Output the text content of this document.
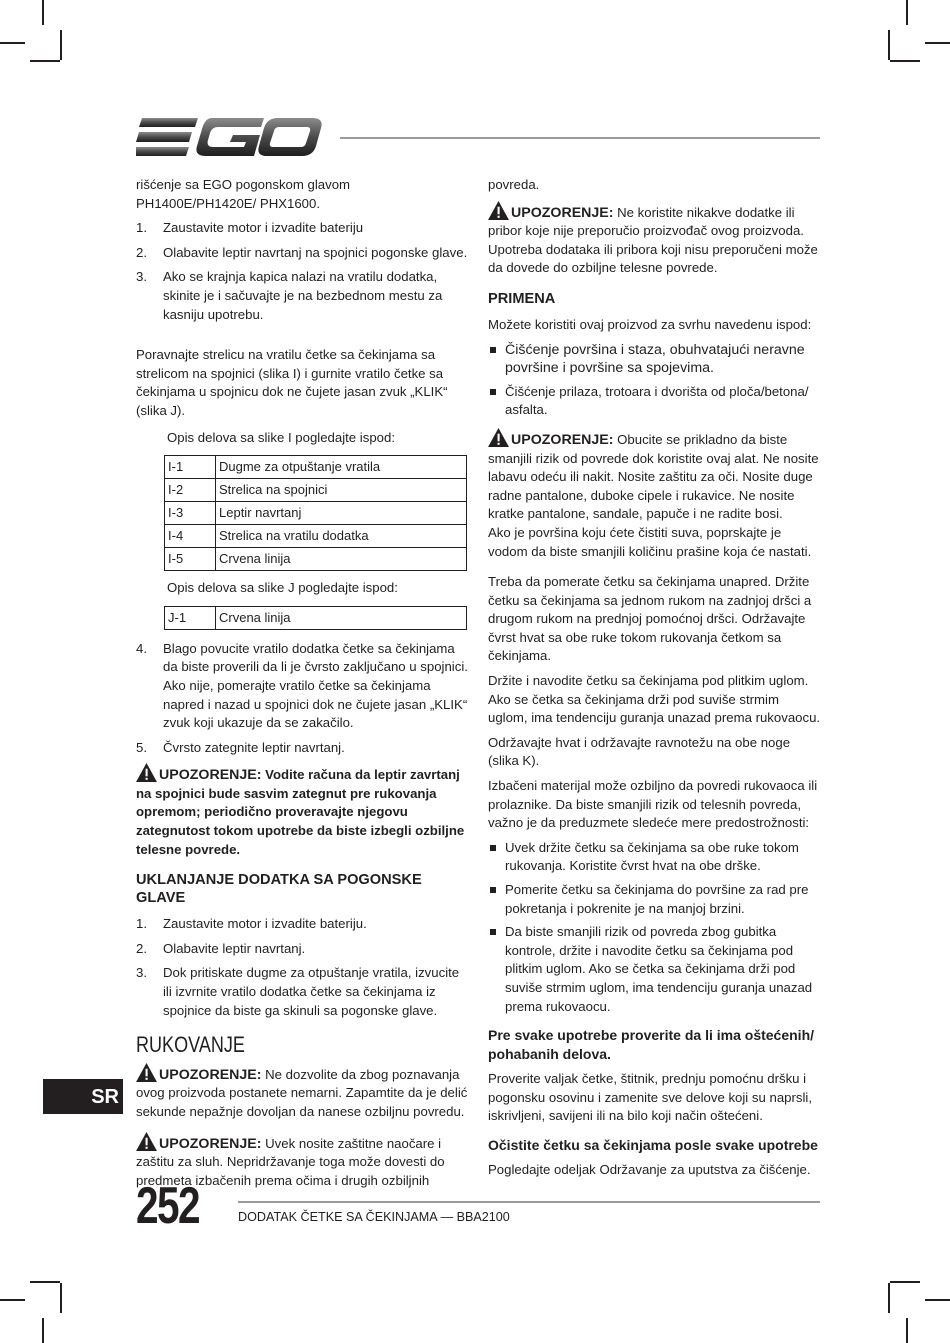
rišćenje sa EGO pogonskom glavom PH1400E/PH1420E/ PHX1600.

1. Zaustavite motor i izvadite bateriju
2. Olabavite leptir navrtanj na spojnici pogonske glave.
3. Ako se krajnja kapica nalazi na vratilu dodatka, skinite je i sačuvajte je na bezbednom mestu za kasniju upotrebu.

Poravnajte strelicu na vratilu četke sa čekinjama sa strelicom na spojnici (slika I) i gurnite vratilo četke sa čekinjama u spojnicu dok ne čujete jasan zvuk „KLIK“ (slika J).

Opis delova sa slike I pogledajte ispod:

I-1	Dugme za otpuštanje vratila
I-2	Strelica na spojnici
I-3	Leptir navrtanj
I-4	Strelica na vratilu dodatka
I-5	Crvena linija

Opis delova sa slike J pogledajte ispod:

J-1	Crvena linija
4. Blago povucite vratilo dodatka četke sa čekinjama da biste proverili da li je čvrsto zaključano u spojnici. Ako nije, pomerajte vratilo četke sa čekinjama napred i nazad u spojnici dok ne čujete jasan „KLIK“ zvuk koji ukazuje da se zakačilo.
5. Čvrsto zategnite leptir navrtanj.

UPOZORENJE: Vodite računa da leptir zavrtanj na spojnici bude sasvim zategnut pre rukovanja opremom; periodično proveravajte njegovu zategnutost tokom upotrebe da biste izbegli ozbiljne telesne povrede.

UKLANJANJE DODATKA SA POGONSKE GLAVE
1. Zaustavite motor i izvadite bateriju.
2. Olabavite leptir navrtanj.
3. Dok pritiskate dugme za otpuštanje vratila, izvucite ili izvrnite vratilo dodatka četke sa čekinjama iz spojnice da biste ga skinuli sa pogonske glave.
RUKOVANJE

UPOZORENJE: Ne dozvolite da zbog poznavanja ovog proizvoda postanete nemarni. Zapamtite da je delić sekunde nepažnje dovoljan da nanese ozbiljnu povredu.

UPOZORENJE: Uvek nosite zaštitne naočare i zaštitu za sluh. Nepridržavanje toga može dovesti do predmeta izbačenih prema očima i drugih ozbiljnih

povreda.

UPOZORENJE: Ne koristite nikakve dodatke ili pribor koje nije preporučio proizvođač ovog proizvoda. Upotreba dodataka ili pribora koji nisu preporučeni može da dovede do ozbiljne telesne povrede.

PRIMENA

Možete koristiti ovaj proizvod za svrhu navedenu ispod:

Čišćenje površina i staza, obuhvatajući neravne površine i površine sa spojevima.
Čišćenje prilaza, trotoara i dvorišta od ploča/betona/ asfalta.

UPOZORENJE: Obucite se prikladno da biste smanjili rizik od povrede dok koristite ovaj alat. Ne nosite labavu odeću ili nakit. Nosite zaštitu za oči. Nosite duge radne pantalone, duboke cipele i rukavice. Ne nosite kratke pantalone, sandale, papuče i ne radite bosi.

Ako je površina koju ćete čistiti suva, poprskajte je vodom da biste smanjili količinu prašine koja će nastati.

Treba da pomerate četku sa čekinjama unapred. Držite četku sa čekinjama sa jednom rukom na zadnjoj dršci a drugom rukom na prednjoj pomoćnoj dršci. Održavajte čvrst hvat sa obe ruke tokom rukovanja četkom sa čekinjama.

Držite i navodite četku sa čekinjama pod plitkim uglom. Ako se četka sa čekinjama drži pod suviše strmim uglom, ima tendenciju guranja unazad prema rukovaocu.

Održavajte hvat i održavajte ravnotežu na obe noge (slika K).

Izbačeni materijal može ozbiljno da povredi rukovaoca ili prolaznike. Da biste smanjili rizik od telesnih povreda, važno je da preduzmete sledeće mere predostrožnosti:

Uvek držite četku sa čekinjama sa obe ruke tokom rukovanja. Koristite čvrst hvat na obe drške.
Pomerite četku sa čekinjama do površine za rad pre pokretanja i pokrenite je na manjoj brzini.
Da biste smanjili rizik od povreda zbog gubitka kontrole, držite i navodite četku sa čekinjama pod plitkim uglom. Ako se četka sa čekinjama drži pod suviše strmim uglom, ima tendenciju guranja unazad prema rukovaocu.
Pre svake upotrebe proverite da li ima oštećenih/ pohabanih delova.

Proverite valjak četke, štitnik, prednju pomoćnu dršku i pogonsku osovinu i zamenite sve delove koji su naprsli, iskrivljeni, savijeni ili na bilo koji način oštećeni.

Očistite četku sa čekinjama posle svake upotrebe

Pogledajte odeljak Održavanje za uputstva za čišćenje.

SR
252	DODATAK ČETKE SA ČEKINJAMA — BBA2100
